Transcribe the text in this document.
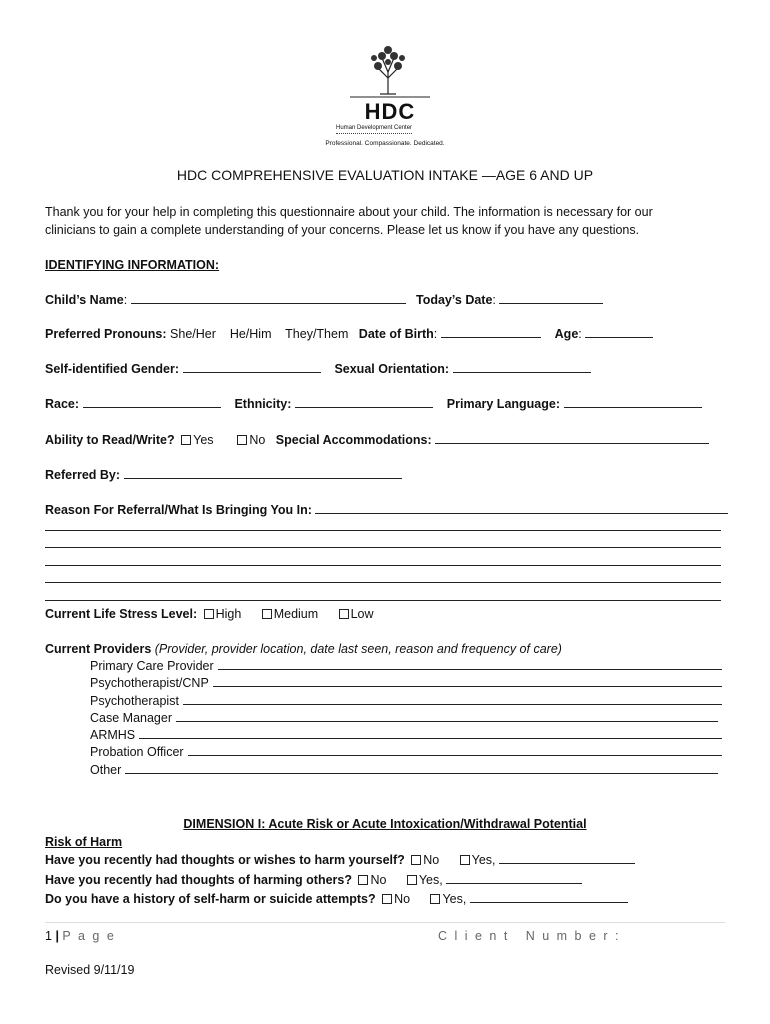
HDC
Human Development Center
Professional. Compassionate. Dedicated.
HDC COMPREHENSIVE EVALUATION INTAKE —AGE 6 AND UP
Thank you for your help in completing this questionnaire about your child. The information is necessary for our
clinicians to gain a complete understanding of your concerns. Please let us know if you have any questions.
IDENTIFYING INFORMATION:
Child’s Name:	Today’s Date:
Preferred Pronouns: She/Her He/Him They/Them Date of Birth:	Age:
Self-identified Gender:	Sexual Orientation:
Race:	Ethnicity:	Primary Language:
Ability to Read/Write? Yes	No Special Accommodations:
Referred By:
Reason For Referral/What Is Bringing You In:
Current Life Stress Level: High	Medium	Low
Current Providers (Provider, provider location, date last seen, reason and frequency of care)
Primary Care Provider
Psychotherapist/CNP
Psychotherapist
Case Manager
ARMHS
Probation Officer
Other
DIMENSION I: Acute Risk or Acute Intoxication/Withdrawal Potential
Risk of Harm
Have you recently had thoughts or wishes to harm yourself? No	Yes,
Have you recently had thoughts of harming others? No	Yes,
Do you have a history of self-harm or suicide attempts? No	Yes,
1 | P a g e	C l i e n t   N u m b e r :
Revised 9/11/19
